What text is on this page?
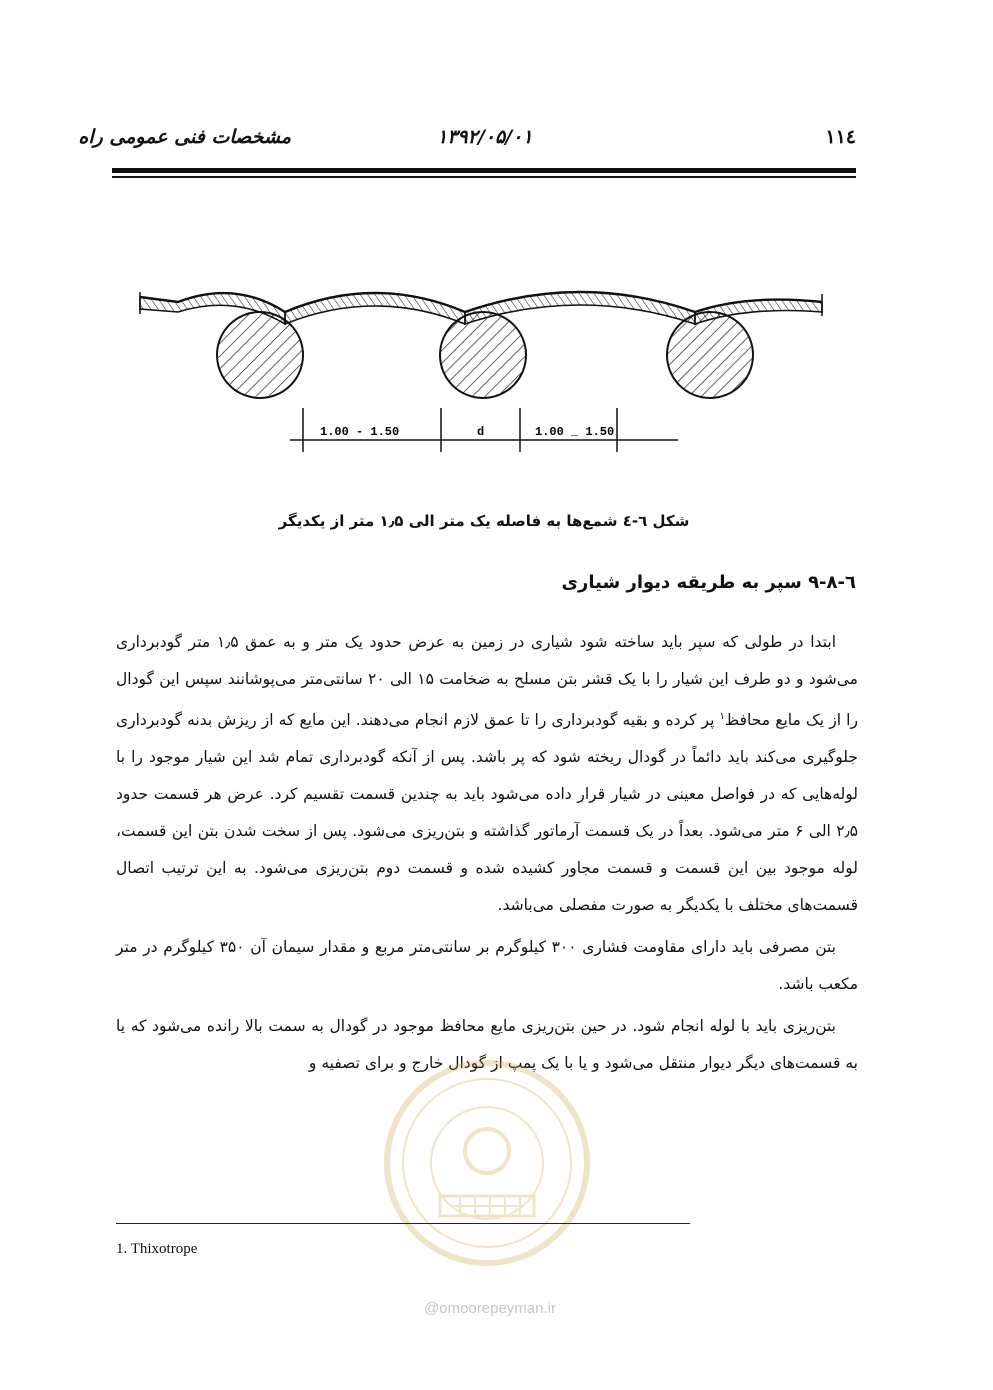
مشخصات فنی عمومی راه	۱۳۹۲/۰۵/۰۱	۱۱٤
1.00 - 1.50	d	1.00 _ 1.50
شکل ٦-٤ شمع‌ها به فاصله یک متر الی ۱٫۵ متر از یکدیگر
٦-۹-۸ سپر به طریقه دیوار شیاری

ابتدا در طولی که سپر باید ساخته شود شیاری در زمین به عرض حدود یک متر و به عمق ۱٫۵ متر گودبرداری می‌شود و دو طرف این شیار را با یک قشر بتن مسلح به ضخامت ۱۵ الی ۲۰ سانتی‌متر می‌پوشانند سپس این گودال را از یک مایع محافظ$^۱$ پر کرده و بقیه گودبرداری را تا عمق لازم انجام می‌دهند. این مایع که از ریزش بدنه گودبرداری جلوگیری می‌کند باید دائماً در گودال ریخته شود که پر باشد. پس از آنکه گودبرداری تمام شد این شیار موجود را با لوله‌هایی که در فواصل معینی در شیار قرار داده می‌شود باید به چندین قسمت تقسیم کرد. عرض هر قسمت حدود ۲٫۵ الی ۶ متر می‌شود. بعداً در یک قسمت آرماتور گذاشته و بتن‌ریزی می‌شود. پس از سخت شدن بتن این قسمت، لوله موجود بین این قسمت و قسمت مجاور کشیده شده و قسمت دوم بتن‌ریزی می‌شود. به این ترتیب اتصال قسمت‌های مختلف با یکدیگر به صورت مفصلی می‌باشد.

بتن مصرفی باید دارای مقاومت فشاری ۳۰۰ کیلوگرم بر سانتی‌متر مربع و مقدار سیمان آن ۳۵۰ کیلوگرم در متر مکعب باشد.

بتن‌ریزی باید با لوله انجام شود. در حین بتن‌ریزی مایع محافظ موجود در گودال به سمت بالا رانده می‌شود که یا به قسمت‌های دیگر دیوار منتقل می‌شود و یا با یک پمپ از گودال خارج و برای تصفیه و

@omoorepeyman.ir
1. Thixotrope
